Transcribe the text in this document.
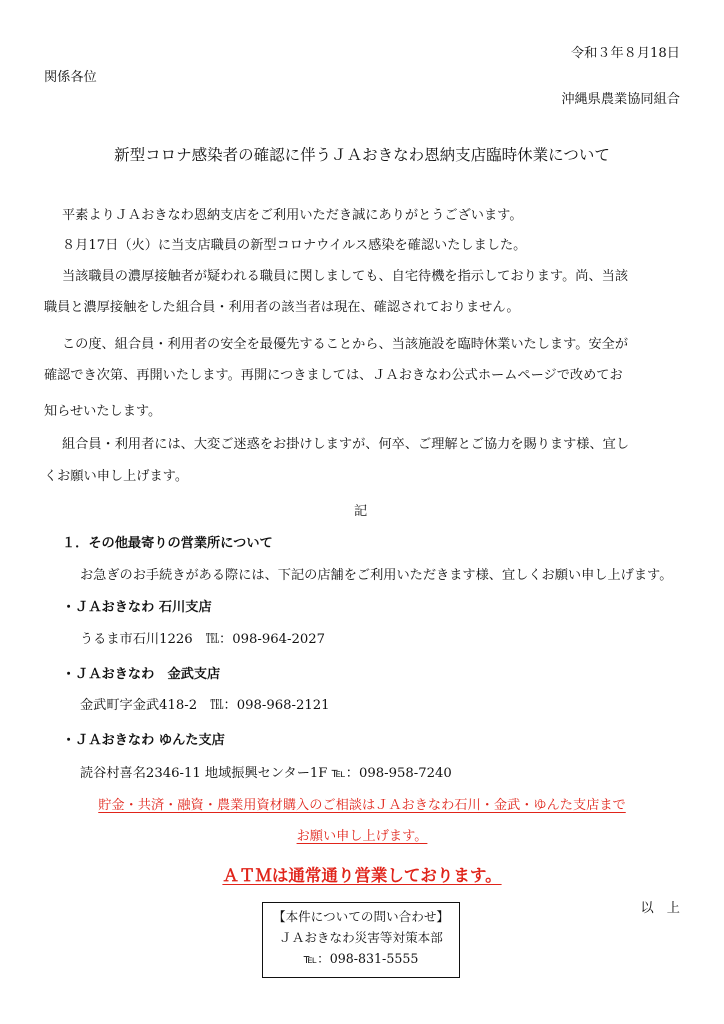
令和３年８月18日
関係各位
沖縄県農業協同組合
新型コロナ感染者の確認に伴うＪＡおきなわ恩納支店臨時休業について
平素よりＪＡおきなわ恩納支店をご利用いただき誠にありがとうございます。
８月17日（火）に当支店職員の新型コロナウイルス感染を確認いたしました。
当該職員の濃厚接触者が疑われる職員に関しましても、自宅待機を指示しております。尚、当該
職員と濃厚接触をした組合員・利用者の該当者は現在、確認されておりません。
この度、組合員・利用者の安全を最優先することから、当該施設を臨時休業いたします。安全が
確認でき次第、再開いたします。再開につきましては、ＪＡおきなわ公式ホームページで改めてお
知らせいたします。
組合員・利用者には、大変ご迷惑をお掛けしますが、何卒、ご理解とご協力を賜ります様、宜し
くお願い申し上げます。
記
１．その他最寄りの営業所について
お急ぎのお手続きがある際には、下記の店舗をご利用いただきます様、宜しくお願い申し上げます。
・ＪＡおきなわ 石川支店
うるま市石川1226　℡：098-964-2027
・ＪＡおきなわ　金武支店
金武町字金武418-2　℡：098-968-2121
・ＪＡおきなわ ゆんた支店
読谷村喜名2346-11 地域振興センター1F ℡：098-958-7240
貯金・共済・融資・農業用資材購入のご相談はＪＡおきなわ石川・金武・ゆんた支店まで
お願い申し上げます。
ＡＴＭは通常通り営業しております。
以　上
【本件についての問い合わせ】
ＪＡおきなわ災害等対策本部
℡：098-831-5555
